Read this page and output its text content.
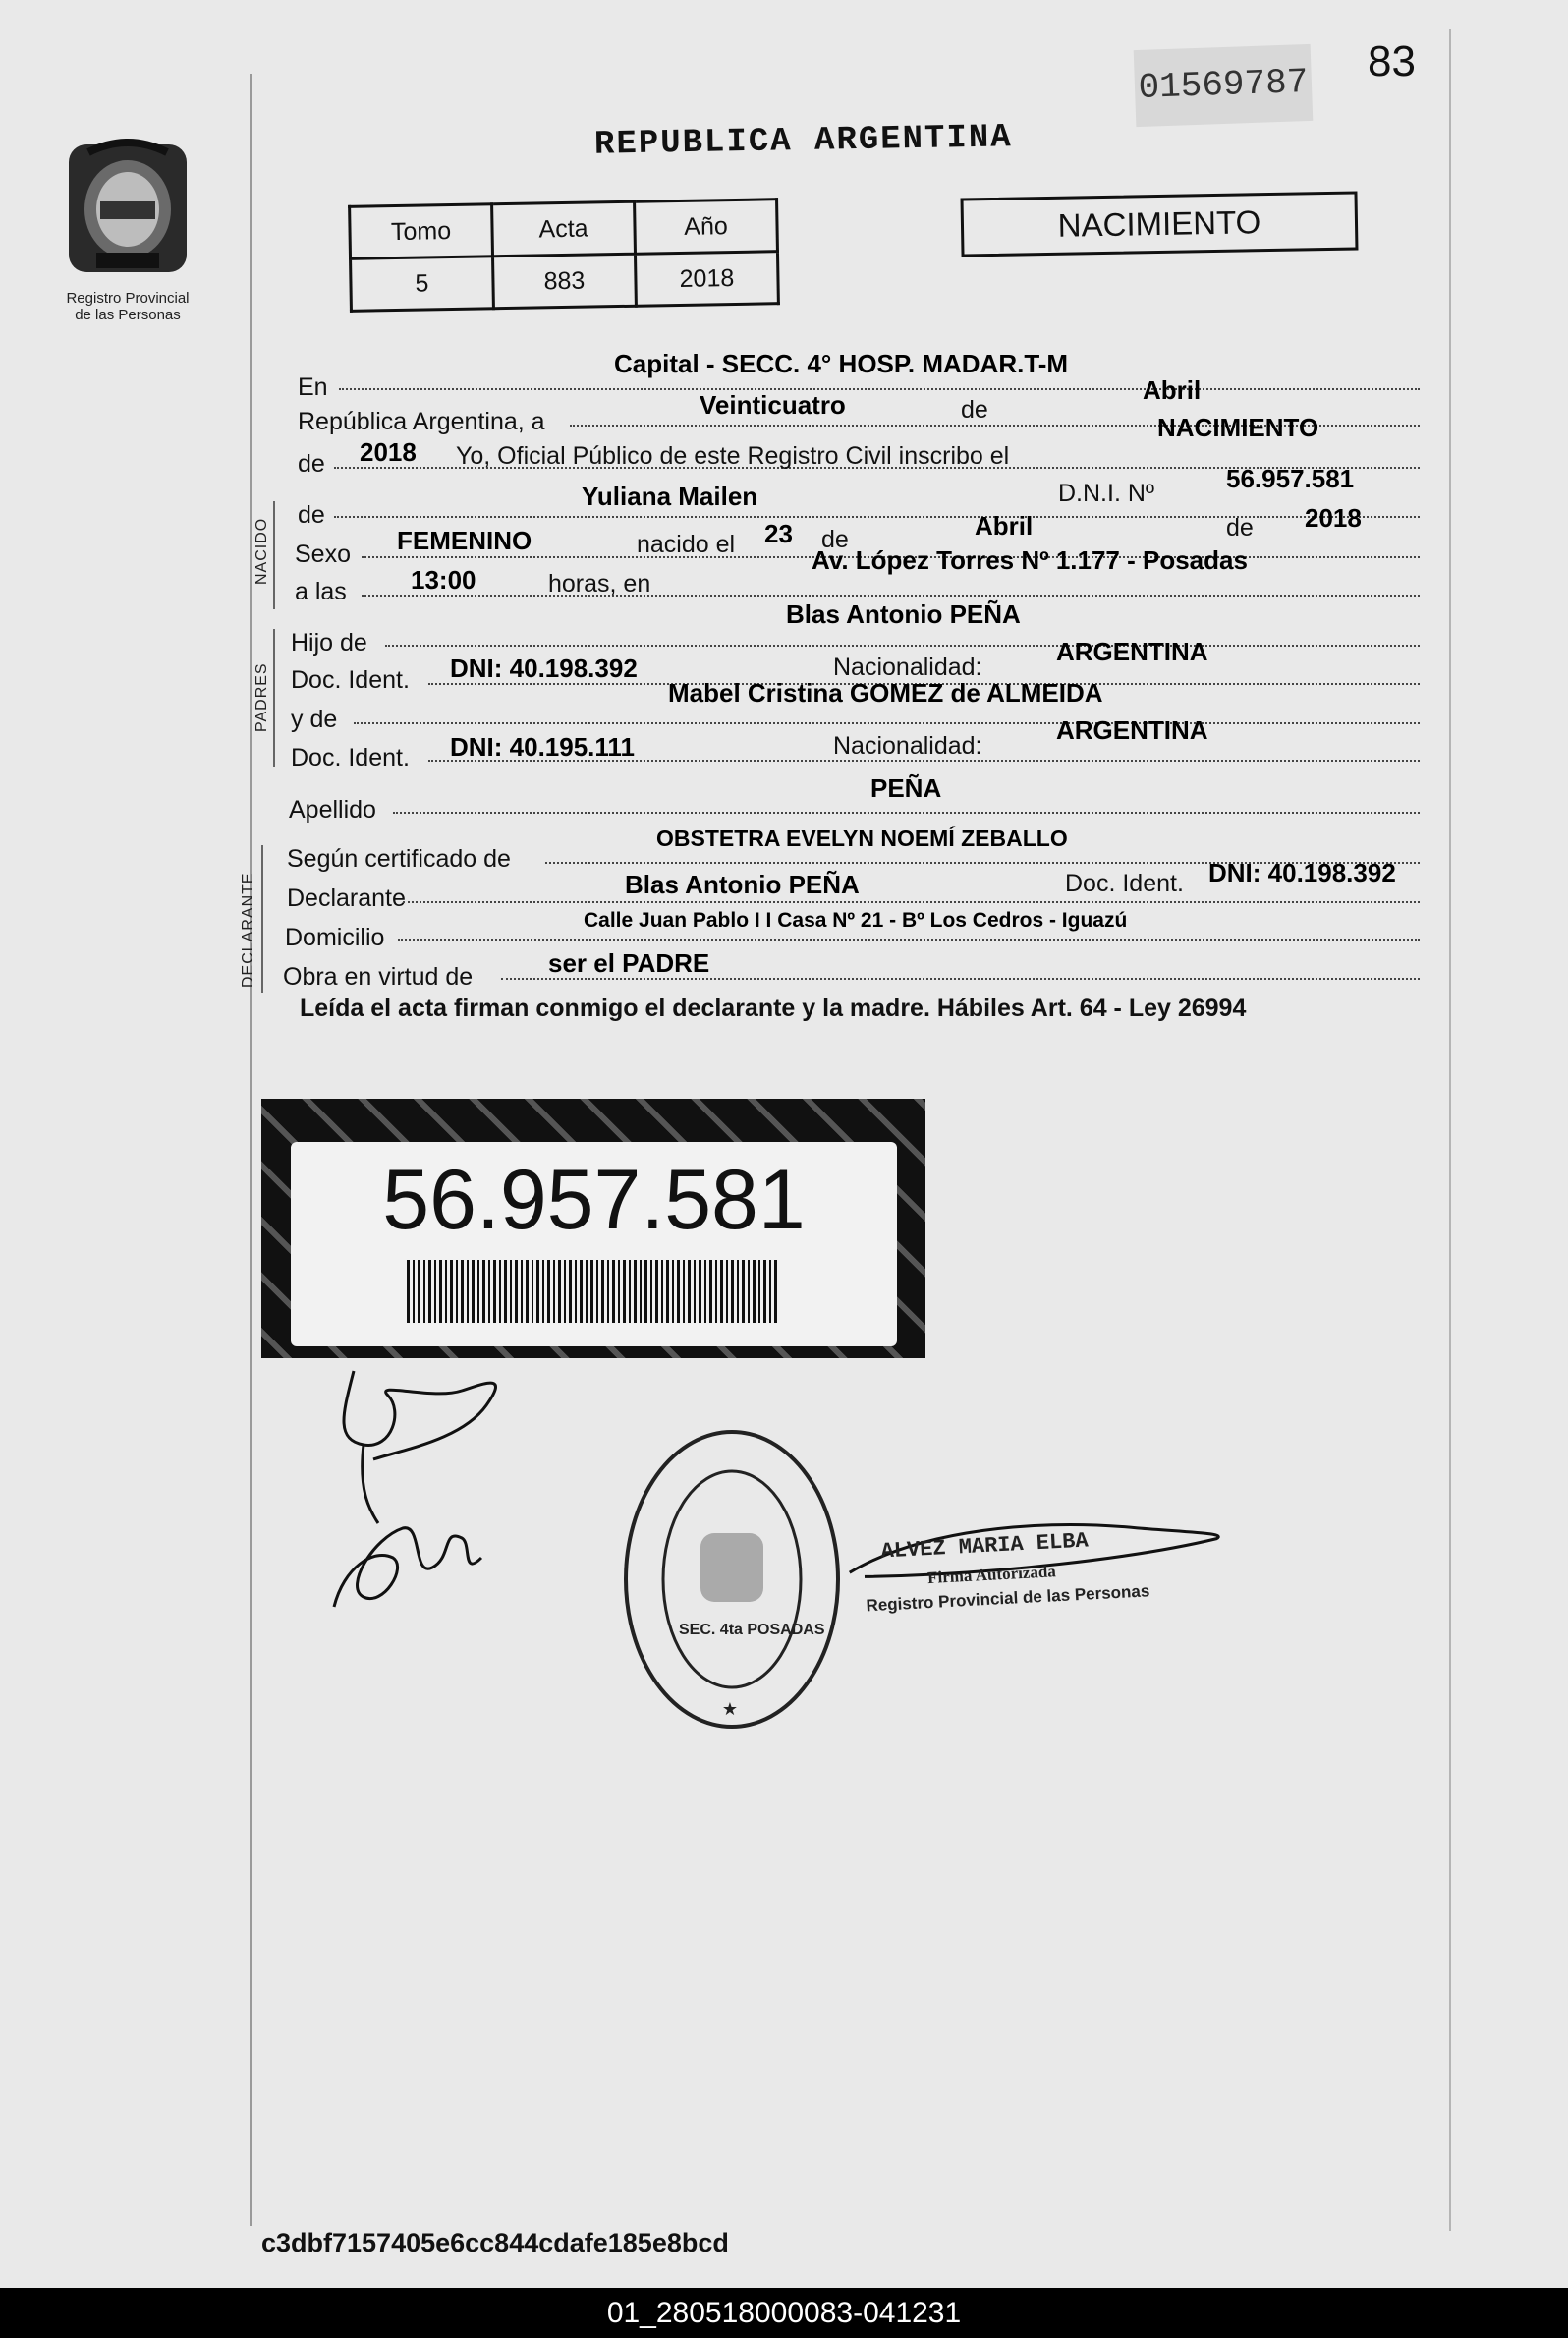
01569787 83
Registro Provincial
de las Personas
REPUBLICA ARGENTINA
Tomo	Acta	Año
5	883	2018
NACIMIENTO
NACIDO
PADRES
DECLARANTE
En
Capital - SECC. 4° HOSP. MADAR.T-M
República Argentina, a
Veinticuatro	de
Abril
de 2018 Yo, Oficial Público de este Registro Civil inscribo el
NACIMIENTO
de
Yuliana Mailen	D.N.I. Nº	56.957.581
Sexo FEMENINO	nacido el 23 de	Abril	de 2018
a las	13:00	horas, en
Av. López Torres Nº 1.177 - Posadas
Hijo de
Blas Antonio PEÑA
Doc. Ident. DNI: 40.198.392	Nacionalidad:
ARGENTINA
y de
Mabel Cristina GOMEZ de ALMEIDA
Doc. Ident. DNI: 40.195.111	Nacionalidad:
ARGENTINA
Apellido
PEÑA
Según certificado de
OBSTETRA EVELYN NOEMÍ ZEBALLO
Declarante	Blas Antonio PEÑA	Doc. Ident. DNI: 40.198.392
Domicilio
Calle Juan Pablo I I Casa Nº 21 - Bº Los Cedros - Iguazú
Obra en virtud de	ser el PADRE
Leída el acta firman conmigo el declarante y la madre. Hábiles Art. 64 - Ley 26994
56.957.581
★
SEC. 4ta POSADAS
ALVEZ MARIA ELBA
Firma Autorizada
Registro Provincial de las Personas
c3dbf7157405e6cc844cdafe185e8bcd
01_280518000083-041231
